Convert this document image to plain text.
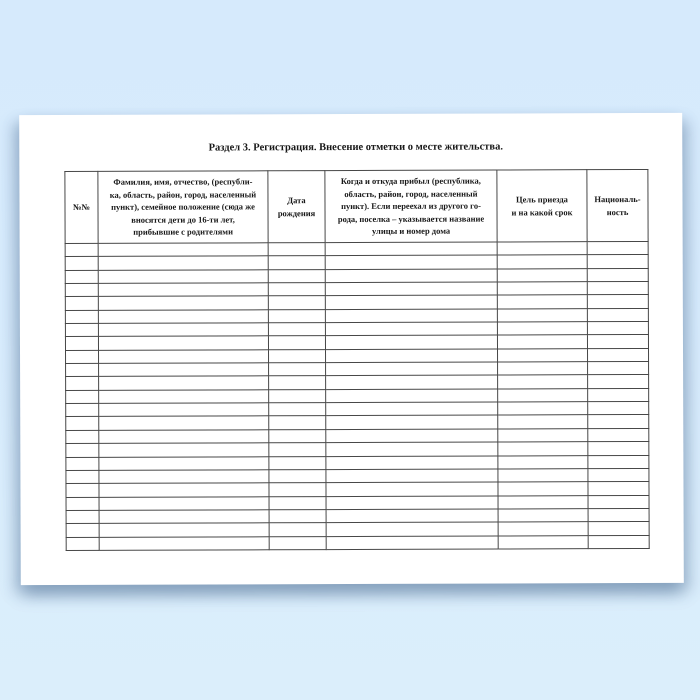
Раздел 3. Регистрация. Внесение отметки о месте жительства.
№№	Фамилия, имя, отчество, (республи-
ка, область, район, город, населенный
пункт), семейное положение (сюда же
вносятся дети до 16-ти лет,
прибывшие с родителями	Дата
рождения	Когда и откуда прибыл (республика,
область, район, город, населенный
пункт). Если переехал из другого го-
рода, поселка – указывается название
улицы и номер дома	Цель приезда
и на какой срок	Националь-
ность
